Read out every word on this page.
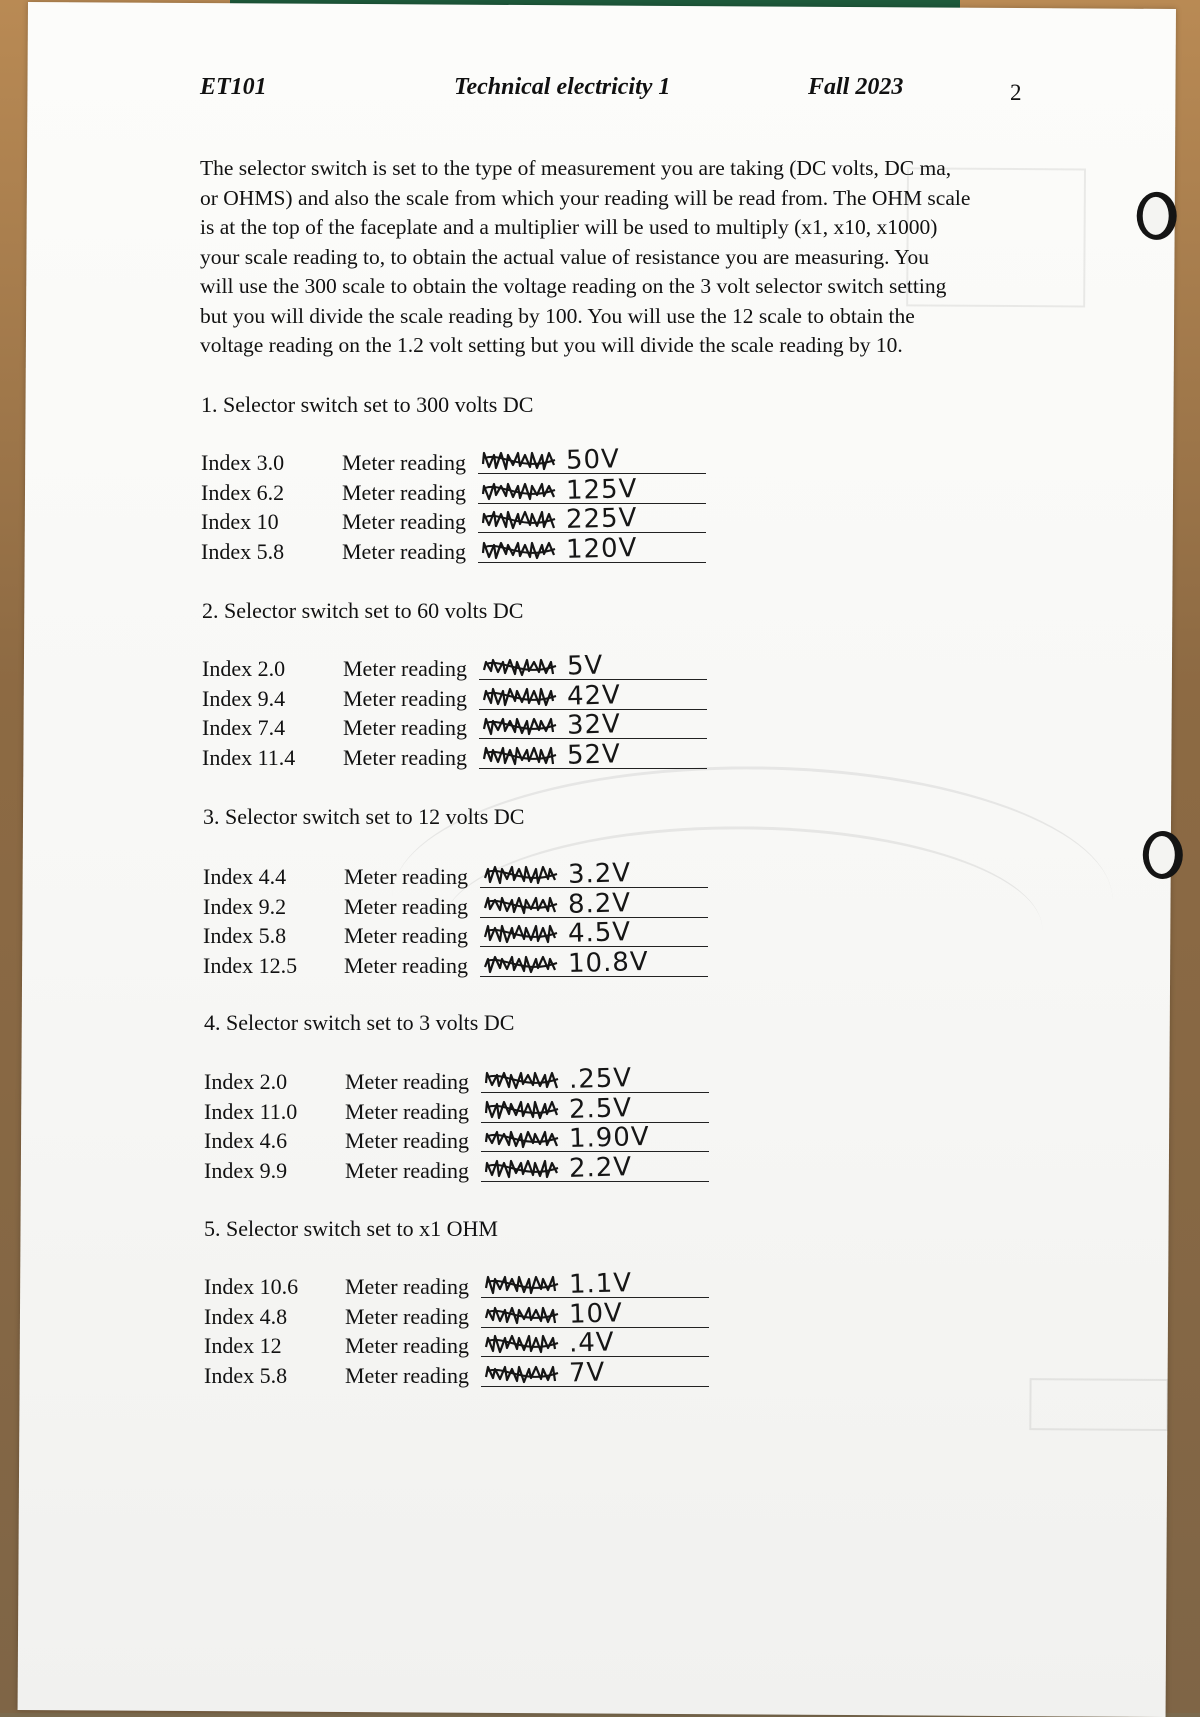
ET101	Technical electricity 1	Fall 2023	2
The selector switch is set to the type of measurement you are taking (DC volts, DC ma,
or OHMS) and also the scale from which your reading will be read from. The OHM scale
is at the top of the faceplate and a multiplier will be used to multiply (x1, x10, x1000)
your scale reading to, to obtain the actual value of resistance you are measuring. You
will use the 300 scale to obtain the voltage reading on the 3 volt selector switch setting
but you will divide the scale reading by 100. You will use the 12 scale to obtain the
voltage reading on the 1.2 volt setting but you will divide the scale reading by 10.
1. Selector switch set to 300 volts DC
Index 3.0	Meter reading	50V
Index 6.2	Meter reading	125V
Index 10	Meter reading	225V
Index 5.8	Meter reading	120V
2. Selector switch set to 60 volts DC
Index 2.0	Meter reading	5V
Index 9.4	Meter reading	42V
Index 7.4	Meter reading	32V
Index 11.4 Meter reading	52V
3. Selector switch set to 12 volts DC
Index 4.4	Meter reading	3.2V
Index 9.2	Meter reading	8.2V
Index 5.8	Meter reading	4.5V
Index 12.5 Meter reading	10.8V
4. Selector switch set to 3 volts DC
Index 2.0	Meter reading	.25V
Index 11.0 Meter reading	2.5V
Index 4.6	Meter reading	1.90V
Index 9.9	Meter reading	2.2V
5. Selector switch set to x1 OHM
Index 10.6 Meter reading	1.1V
Index 4.8	Meter reading	10V
Index 12	Meter reading	.4V
Index 5.8	Meter reading	7V
